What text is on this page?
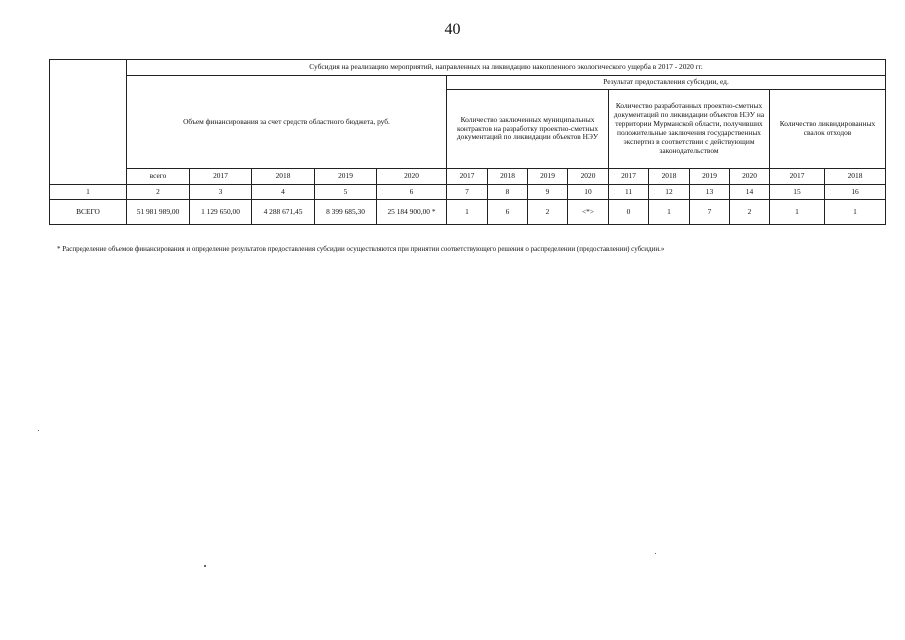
40
	Субсидия на реализацию мероприятий, направленных на ликвидацию накопленного экологического ущерба в 2017 - 2020 гг.														
	Объем финансирования за счет средств областного бюджета, руб.					Результат предоставления субсидии, ед.									
						Количество заключенных муниципальных контрактов на разработку проектно-сметных документаций по ликвидации объектов НЭУ				Количество разработанных проектно-сметных документаций по ликвидации объектов НЭУ на территории Мурманской области, получивших положительные заключения государственных экспертиз в соответствии с действующим законодательством				Количество ликвидированных свалок отходов	
	всего	2017	2018	2019	2020	2017	2018	2019	2020	2017	2018	2019	2020	2017	2018
1	2	3	4	5	6	7	8	9	10	11	12	13	14	15	16
ВСЕГО	51 981 989,00	1 129 650,00	4 288 671,45	8 399 685,30	25 184 900,00 *	1	6	2	<*>	0	1	7	2	1	1
* Распределение объемов финансирования и определение результатов предоставления субсидии осуществляются при принятии соответствующего решения о распределении (предоставлении) субсидии.»
